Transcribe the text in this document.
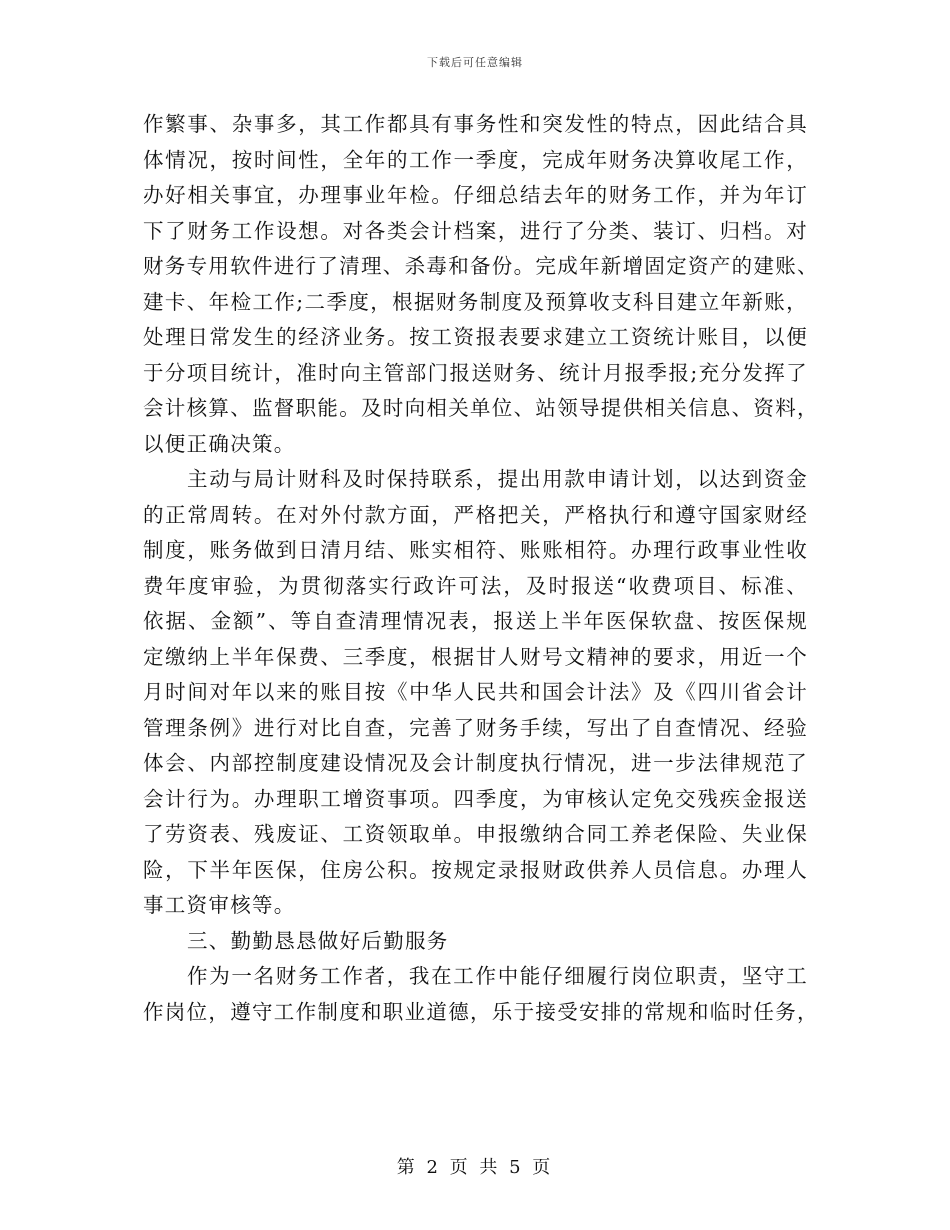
下载后可任意编辑
作繁事、杂事多，其工作都具有事务性和突发性的特点，因此结合具
体情况，按时间性，全年的工作一季度，完成年财务决算收尾工作，
办好相关事宜，办理事业年检。仔细总结去年的财务工作，并为年订
下了财务工作设想。对各类会计档案，进行了分类、装订、归档。对
财务专用软件进行了清理、杀毒和备份。完成年新增固定资产的建账、
建卡、年检工作;二季度，根据财务制度及预算收支科目建立年新账，
处理日常发生的经济业务。按工资报表要求建立工资统计账目，以便
于分项目统计，准时向主管部门报送财务、统计月报季报;充分发挥了
会计核算、监督职能。及时向相关单位、站领导提供相关信息、资料，
以便正确决策。
主动与局计财科及时保持联系，提出用款申请计划，以达到资金
的正常周转。在对外付款方面，严格把关，严格执行和遵守国家财经
制度，账务做到日清月结、账实相符、账账相符。办理行政事业性收
费年度审验，为贯彻落实行政许可法，及时报送“收费项目、标准、
依据、金额”、等自查清理情况表，报送上半年医保软盘、按医保规
定缴纳上半年保费、三季度，根据甘人财号文精神的要求，用近一个
月时间对年以来的账目按《中华人民共和国会计法》及《四川省会计
管理条例》进行对比自查，完善了财务手续，写出了自查情况、经验
体会、内部控制度建设情况及会计制度执行情况，进一步法律规范了
会计行为。办理职工增资事项。四季度，为审核认定免交残疾金报送
了劳资表、残废证、工资领取单。申报缴纳合同工养老保险、失业保
险，下半年医保，住房公积。按规定录报财政供养人员信息。办理人
事工资审核等。
三、勤勤恳恳做好后勤服务
作为一名财务工作者，我在工作中能仔细履行岗位职责，坚守工
作岗位，遵守工作制度和职业道德，乐于接受安排的常规和临时任务，
第 2 页 共 5 页
